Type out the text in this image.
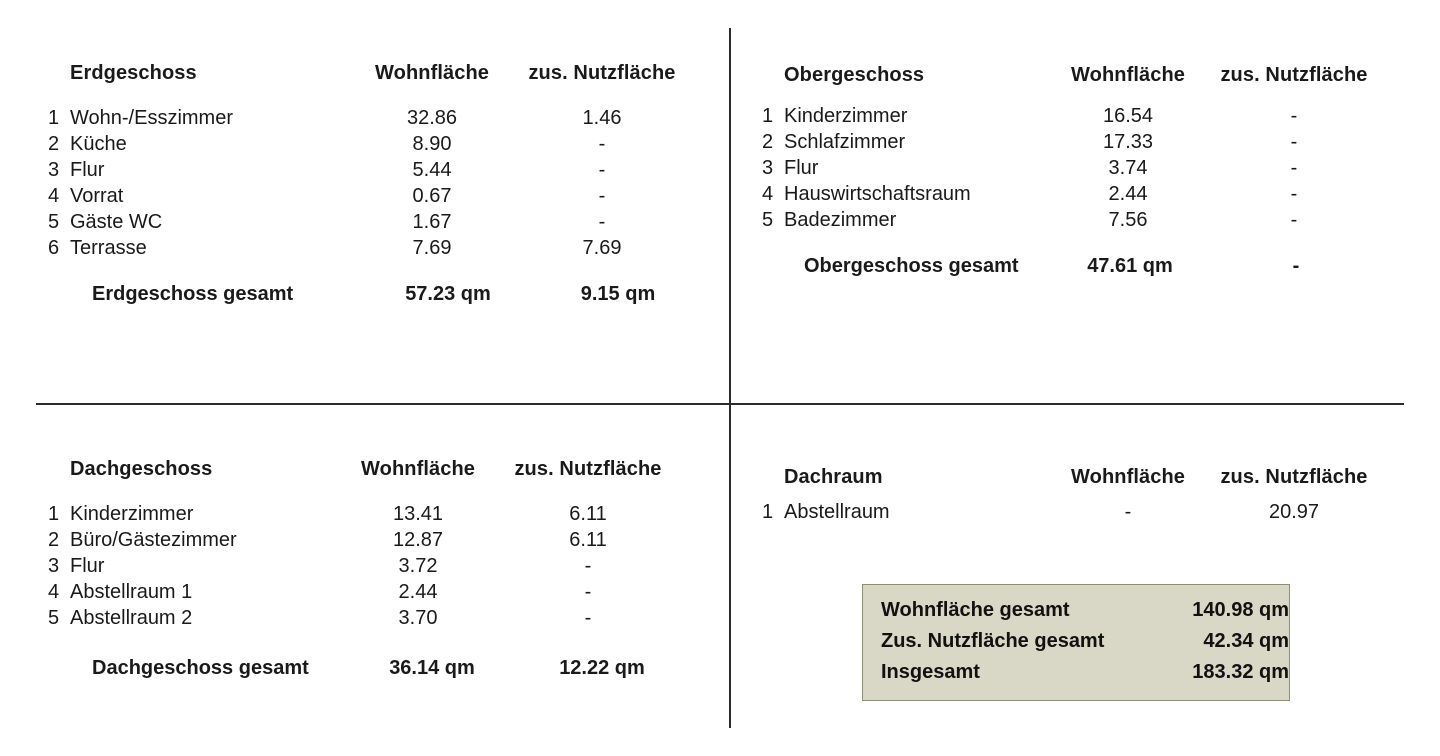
Erdgeschoss	Wohnfläche	zus. Nutzfläche
1 Wohn-/Esszimmer	32.86	1.46
2 Küche	8.90	-
3 Flur	5.44	-
4 Vorrat	0.67	-
5 Gäste WC	1.67	-
6 Terrasse	7.69	7.69
Erdgeschoss gesamt	57.23 qm	9.15 qm
Obergeschoss	Wohnfläche	zus. Nutzfläche
1 Kinderzimmer	16.54	-
2 Schlafzimmer	17.33	-
3 Flur	3.74	-
4 Hauswirtschaftsraum	2.44	-
5 Badezimmer	7.56	-
Obergeschoss gesamt	47.61 qm	-
Dachgeschoss	Wohnfläche	zus. Nutzfläche
1 Kinderzimmer	13.41	6.11
2 Büro/Gästezimmer	12.87	6.11
3 Flur	3.72	-
4 Abstellraum 1	2.44	-
5 Abstellraum 2	3.70	-
Dachgeschoss gesamt	36.14 qm	12.22 qm
Dachraum	Wohnfläche	zus. Nutzfläche
1 Abstellraum	-	20.97
Wohnfläche gesamt	140.98 qm
Zus. Nutzfläche gesamt	42.34 qm
Insgesamt	183.32 qm
